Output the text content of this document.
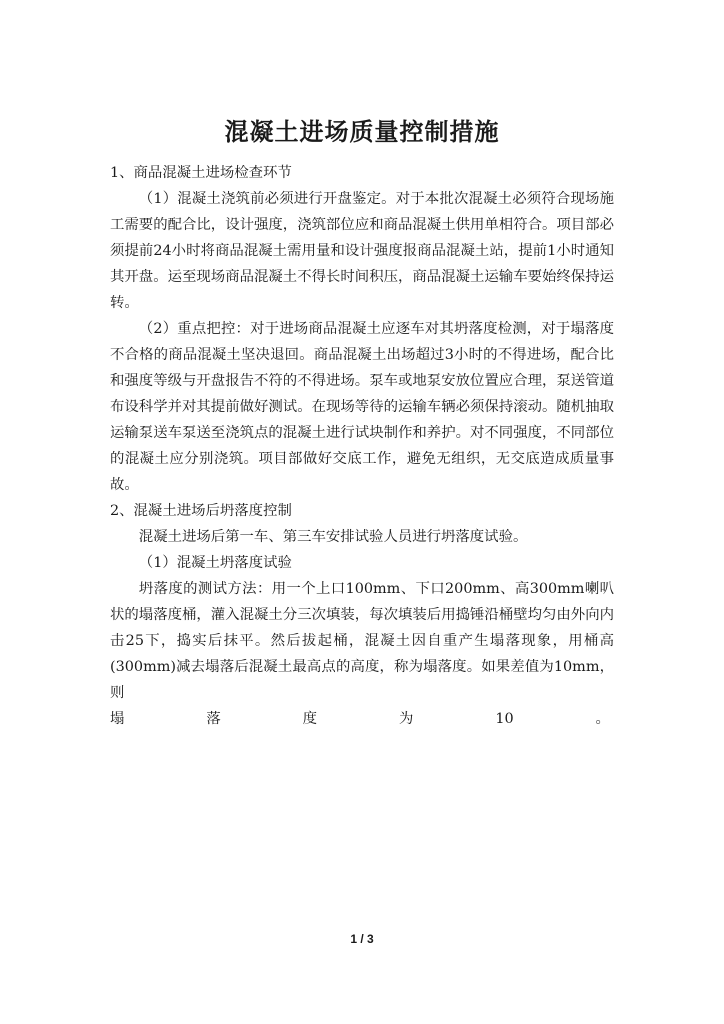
混凝土进场质量控制措施

1、商品混凝土进场检查环节

（1）混凝土浇筑前必须进行开盘鉴定。对于本批次混凝土必须符合现场施工需要的配合比，设计强度，浇筑部位应和商品混凝土供用单相符合。项目部必须提前24小时将商品混凝土需用量和设计强度报商品混凝土站，提前1小时通知其开盘。运至现场商品混凝土不得长时间积压，商品混凝土运输车要始终保持运转。

（2）重点把控：对于进场商品混凝土应逐车对其坍落度检测，对于塌落度不合格的商品混凝土坚决退回。商品混凝土出场超过3小时的不得进场，配合比和强度等级与开盘报告不符的不得进场。泵车或地泵安放位置应合理，泵送管道布设科学并对其提前做好测试。在现场等待的运输车辆必须保持滚动。随机抽取运输泵送车泵送至浇筑点的混凝土进行试块制作和养护。对不同强度，不同部位的混凝土应分别浇筑。项目部做好交底工作，避免无组织，无交底造成质量事故。

2、混凝土进场后坍落度控制

混凝土进场后第一车、第三车安排试验人员进行坍落度试验。

（1）混凝土坍落度试验

坍落度的测试方法：用一个上口100mm、下口200mm、高300mm喇叭状的塌落度桶，灌入混凝土分三次填装，每次填装后用捣锤沿桶壁均匀由外向内击25下，捣实后抹平。然后拔起桶，混凝土因自重产生塌落现象，用桶高(300mm)减去塌落后混凝土最高点的高度，称为塌落度。如果差值为10mm，则

塌	落	度	为	10	。
1 / 3
